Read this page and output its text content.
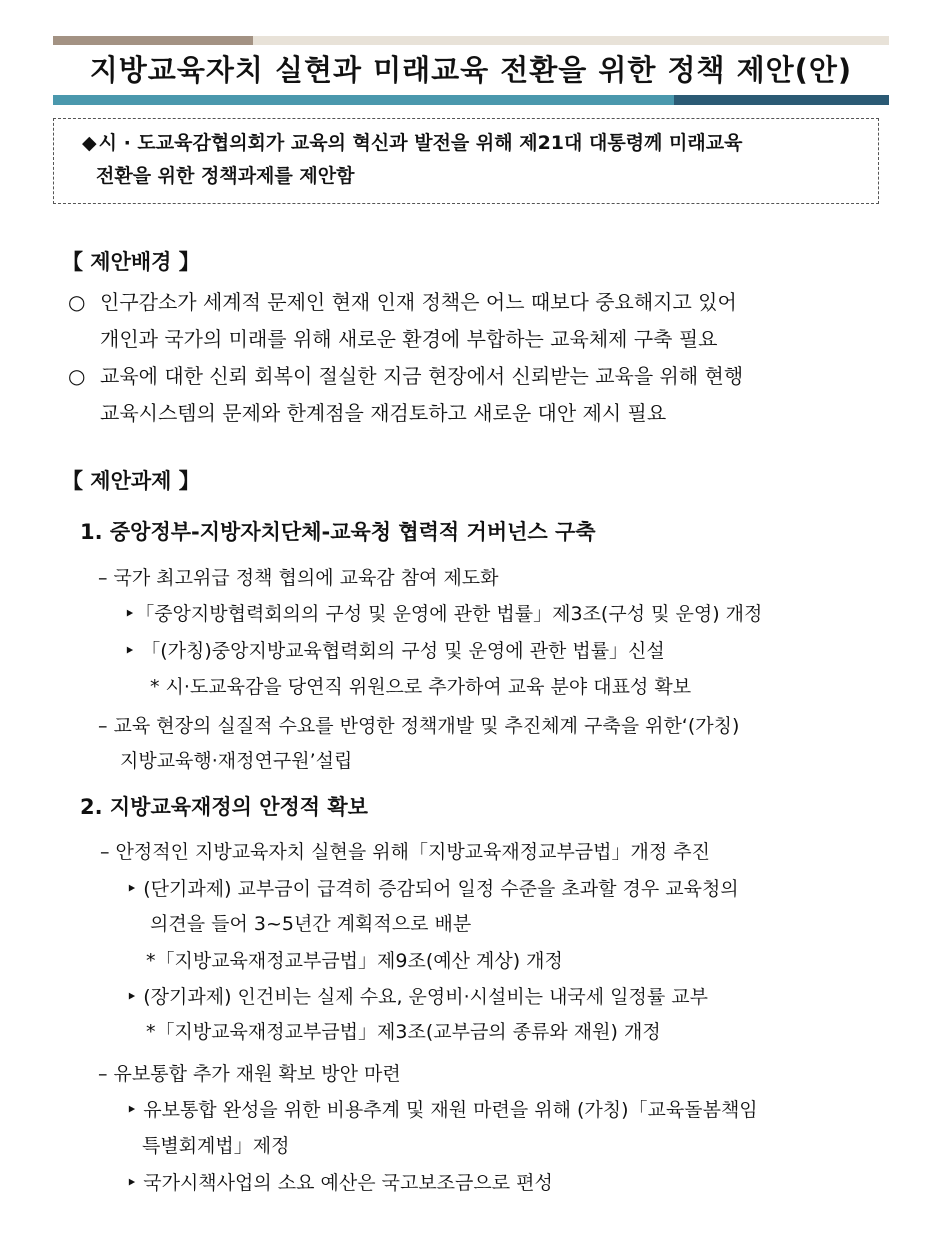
지방교육자치 실현과 미래교육 전환을 위한 정책 제안(안)
◆ 시 · 도교육감협의회가 교육의 혁신과 발전을 위해 제21대 대통령께 미래교육
전환을 위한 정책과제를 제안함
【 제안배경 】
○ 인구감소가 세계적 문제인 현재 인재 정책은 어느 때보다 중요해지고 있어
개인과 국가의 미래를 위해 새로운 환경에 부합하는 교육체제 구축 필요
○ 교육에 대한 신뢰 회복이 절실한 지금 현장에서 신뢰받는 교육을 위해 현행
교육시스템의 문제와 한계점을 재검토하고 새로운 대안 제시 필요
【 제안과제 】
1. 중앙정부-지방자치단체-교육청 협력적 거버넌스 구축
– 국가 최고위급 정책 협의에 교육감 참여 제도화
‣「중앙지방협력회의의 구성 및 운영에 관한 법률」제3조(구성 및 운영) 개정
‣ 「(가칭)중앙지방교육협력회의 구성 및 운영에 관한 법률」신설
* 시·도교육감을 당연직 위원으로 추가하여 교육 분야 대표성 확보
– 교육 현장의 실질적 수요를 반영한 정책개발 및 추진체계 구축을 위한‘(가칭)
지방교육행·재정연구원’설립
2. 지방교육재정의 안정적 확보
– 안정적인 지방교육자치 실현을 위해「지방교육재정교부금법」개정 추진
‣ (단기과제) 교부금이 급격히 증감되어 일정 수준을 초과할 경우 교육청의
의견을 들어 3~5년간 계획적으로 배분
*「지방교육재정교부금법」제9조(예산 계상) 개정
‣ (장기과제) 인건비는 실제 수요, 운영비·시설비는 내국세 일정률 교부
*「지방교육재정교부금법」제3조(교부금의 종류와 재원) 개정
– 유보통합 추가 재원 확보 방안 마련
‣ 유보통합 완성을 위한 비용추계 및 재원 마련을 위해 (가칭)「교육돌봄책임
특별회계법」제정
‣ 국가시책사업의 소요 예산은 국고보조금으로 편성
